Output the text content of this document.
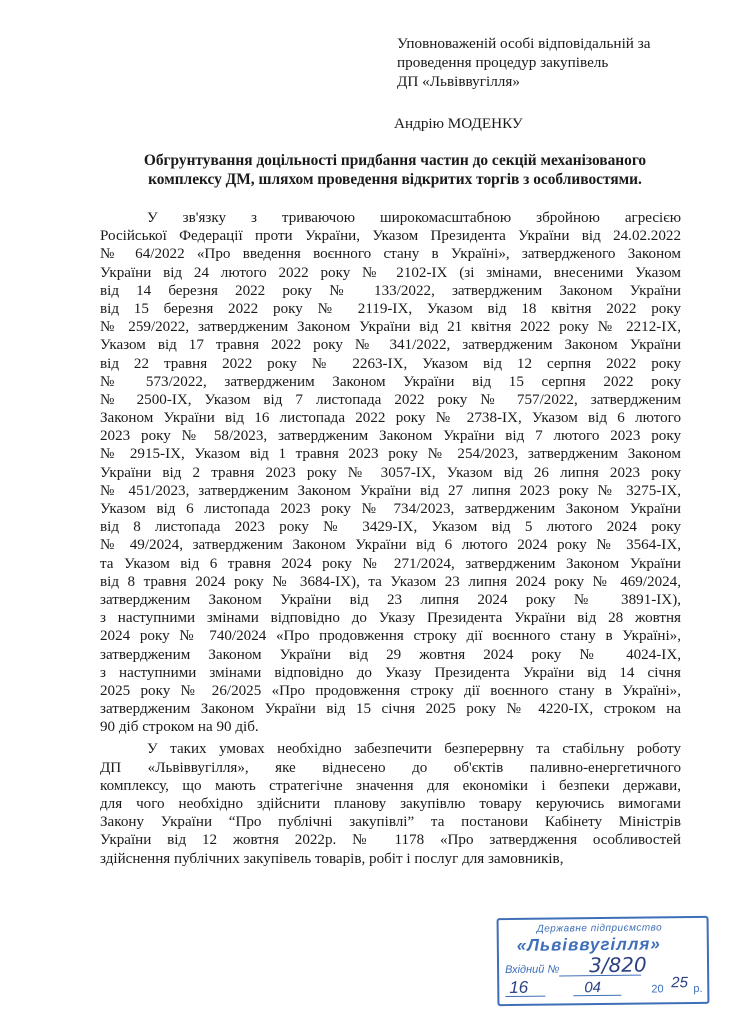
Уповноваженій особі відповідальній за
проведення процедур закупівель
ДП «Львіввугілля»
Андрію МОДЕНКУ
Обгрунтування доцільності придбання частин до секцій механізованого
комплексу ДМ, шляхом проведення відкритих торгів з особливостями.
У зв'язку з триваючою широкомасштабною збройною агресією
Російської Федерації проти України, Указом Президента України від 24.02.2022
№ 64/2022 «Про введення воєнного стану в Україні», затвердженого Законом
України від 24 лютого 2022 року № 2102-IX (зі змінами, внесеними Указом
від 14 березня 2022 року № 133/2022, затвердженим Законом України
від 15 березня 2022 року № 2119-IX, Указом від 18 квітня 2022 року
№ 259/2022, затвердженим Законом України від 21 квітня 2022 року № 2212-IX,
Указом від 17 травня 2022 року № 341/2022, затвердженим Законом України
від 22 травня 2022 року № 2263-IX, Указом від 12 серпня 2022 року
№ 573/2022, затвердженим Законом України від 15 серпня 2022 року
№ 2500-IX, Указом від 7 листопада 2022 року № 757/2022, затвердженим
Законом України від 16 листопада 2022 року № 2738-IX, Указом від 6 лютого
2023 року № 58/2023, затвердженим Законом України від 7 лютого 2023 року
№ 2915-IX, Указом від 1 травня 2023 року № 254/2023, затвердженим Законом
України від 2 травня 2023 року № 3057-IX, Указом від 26 липня 2023 року
№ 451/2023, затвердженим Законом України від 27 липня 2023 року № 3275-IX,
Указом від 6 листопада 2023 року № 734/2023, затвердженим Законом України
від 8 листопада 2023 року № 3429-IX, Указом від 5 лютого 2024 року
№ 49/2024, затвердженим Законом України від 6 лютого 2024 року № 3564-IX,
та Указом від 6 травня 2024 року № 271/2024, затвердженим Законом України
від 8 травня 2024 року № 3684-IX), та Указом 23 липня 2024 року № 469/2024,
затвердженим Законом України від 23 липня 2024 року № 3891-IX),
з наступними змінами відповідно до Указу Президента України від 28 жовтня
2024 року № 740/2024 «Про продовження строку дії воєнного стану в Україні»,
затвердженим Законом України від 29 жовтня 2024 року № 4024-IX,
з наступними змінами відповідно до Указу Президента України від 14 січня
2025 року № 26/2025 «Про продовження строку дії воєнного стану в Україні»,
затвердженим Законом України від 15 січня 2025 року № 4220-IX, строком на
90 діб строком на 90 діб.
У таких умовах необхідно забезпечити безперервну та стабільну роботу
ДП «Львіввугілля», яке віднесено до об'єктів паливно-енергетичного
комплексу, що мають стратегічне значення для економіки і безпеки держави,
для чого необхідно здійснити планову закупівлю товару керуючись вимогами
Закону України “Про публічні закупівлі” та постанови Кабінету Міністрів
України від 12 жовтня 2022р. № 1178 «Про затвердження особливостей
здійснення публічних закупівель товарів, робіт і послуг для замовників,
Державне підприємство
«Львіввугілля»
Вхідний № 3/820
16	04	20 25 р.
